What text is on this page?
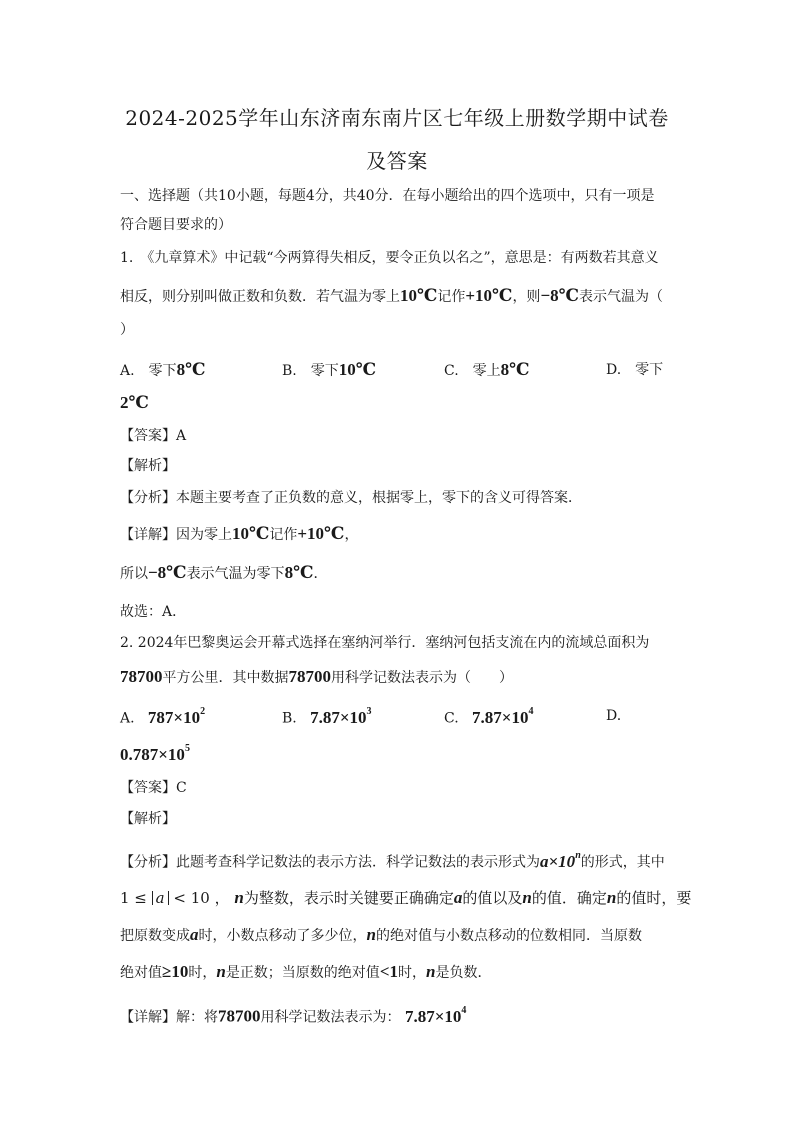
2024-2025学年山东济南东南片区七年级上册数学期中试卷
及答案
一、选择题（共10小题，每题4分，共40分．在每小题给出的四个选项中，只有一项是
符合题目要求的）
1.　《九章算术》中记载“今两算得失相反，要令正负以名之”，意思是：有两数若其意义
相反，则分别叫做正数和负数．若气温为零上10℃记作+10℃，则−8℃表示气温为（
）
A.　零下8℃	B.　零下10℃	C.　零上8℃	D.　零下
2℃
【答案】A
【解析】
【分析】本题主要考查了正负数的意义，根据零上，零下的含义可得答案．
【详解】因为零上10℃记作+10℃，
所以−8℃表示气温为零下8℃．
故选：A．
2. 2024年巴黎奥运会开幕式选择在塞纳河举行．塞纳河包括支流在内的流域总面积为
78700平方公里．其中数据78700用科学记数法表示为（　　）
A. $787\times 10^2$	B. $7.87\times 10^3$	C. $7.87\times 10^4$	D.
$0.787\times 10^5$
【答案】C
【解析】
【分析】此题考查科学记数法的表示方法．科学记数法的表示形式为$a\times 10^n$的形式，其中
1 ≤ a < 10 ， n为整数，表示时关键要正确确定a的值以及n的值．确定n的值时，要
把原数变成a时，小数点移动了多少位，n的绝对值与小数点移动的位数相同．当原数
绝对值≥10时，n是正数；当原数的绝对值<1时，n是负数．
【详解】解：将78700用科学记数法表示为： $7.87\times 10^4$
